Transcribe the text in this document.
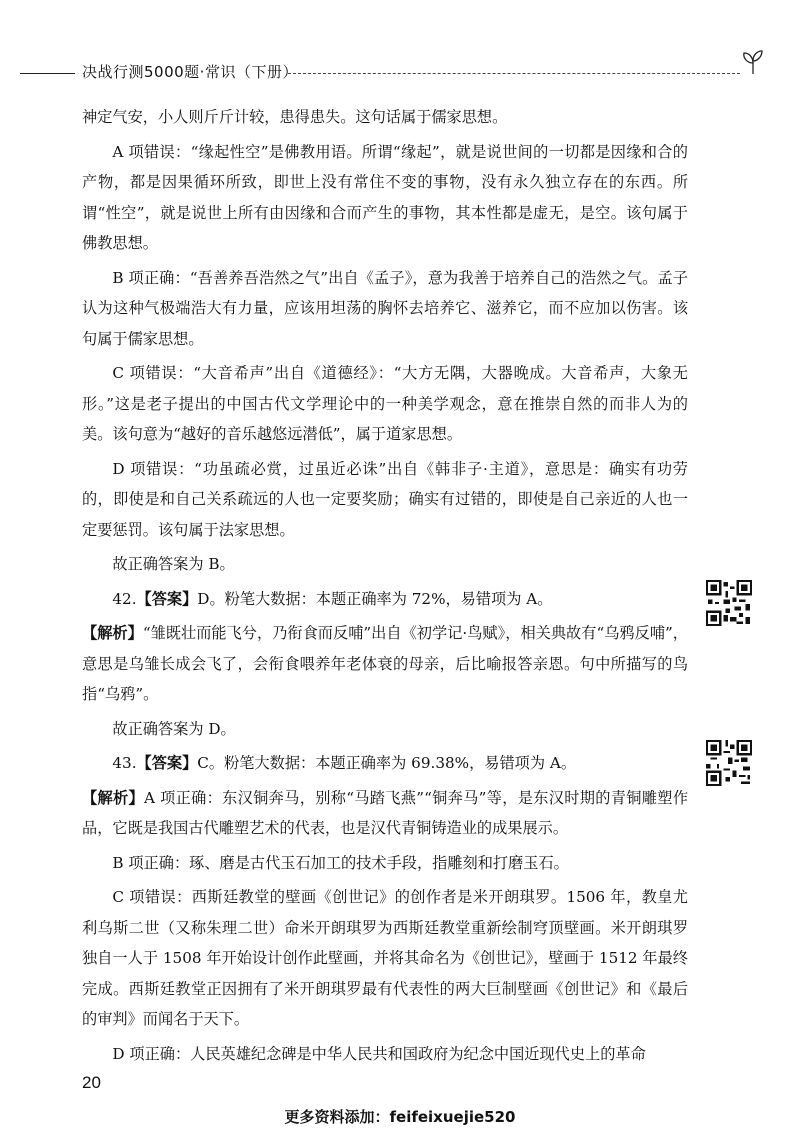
决战行测5000题·常识（下册）

神定气安，小人则斤斤计较，患得患失。这句话属于儒家思想。

A 项错误：“缘起性空”是佛教用语。所谓“缘起”，就是说世间的一切都是因缘和合的产物，都是因果循环所致，即世上没有常住不变的事物，没有永久独立存在的东西。所谓“性空”，就是说世上所有由因缘和合而产生的事物，其本性都是虚无，是空。该句属于佛教思想。

B 项正确：“吾善养吾浩然之气”出自《孟子》，意为我善于培养自己的浩然之气。孟子认为这种气极端浩大有力量，应该用坦荡的胸怀去培养它、滋养它，而不应加以伤害。该句属于儒家思想。

C 项错误：“大音希声”出自《道德经》：“大方无隅，大器晚成。大音希声，大象无形。”这是老子提出的中国古代文学理论中的一种美学观念，意在推崇自然的而非人为的美。该句意为“越好的音乐越悠远潜低”，属于道家思想。

D 项错误：“功虽疏必赏，过虽近必诛”出自《韩非子·主道》，意思是：确实有功劳的，即使是和自己关系疏远的人也一定要奖励；确实有过错的，即使是自己亲近的人也一定要惩罚。该句属于法家思想。

故正确答案为 B。

42.【答案】D。粉笔大数据：本题正确率为 72%，易错项为 A。

【解析】“雏既壮而能飞兮，乃衔食而反哺”出自《初学记·鸟赋》，相关典故有“乌鸦反哺”，意思是乌雏长成会飞了，会衔食喂养年老体衰的母亲，后比喻报答亲恩。句中所描写的鸟指“乌鸦”。

故正确答案为 D。

43.【答案】C。粉笔大数据：本题正确率为 69.38%，易错项为 A。

【解析】A 项正确：东汉铜奔马，别称“马踏飞燕”“铜奔马”等，是东汉时期的青铜雕塑作品，它既是我国古代雕塑艺术的代表，也是汉代青铜铸造业的成果展示。

B 项正确：琢、磨是古代玉石加工的技术手段，指雕刻和打磨玉石。

C 项错误：西斯廷教堂的壁画《创世记》的创作者是米开朗琪罗。1506 年，教皇尤利乌斯二世（又称朱理二世）命米开朗琪罗为西斯廷教堂重新绘制穹顶壁画。米开朗琪罗独自一人于 1508 年开始设计创作此壁画，并将其命名为《创世记》，壁画于 1512 年最终完成。西斯廷教堂正因拥有了米开朗琪罗最有代表性的两大巨制壁画《创世记》和《最后的审判》而闻名于天下。

D 项正确：人民英雄纪念碑是中华人民共和国政府为纪念中国近现代史上的革命

20
更多资料添加：feifeixuejie520
